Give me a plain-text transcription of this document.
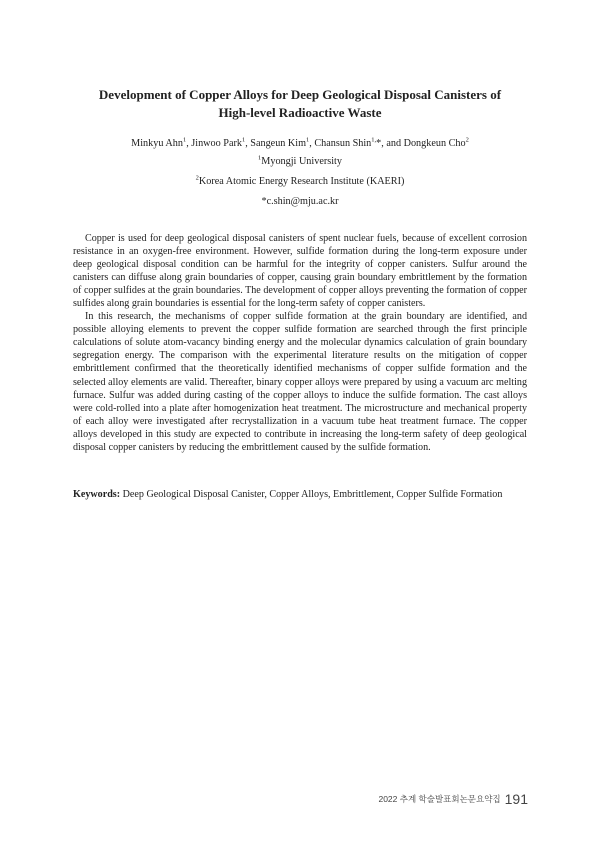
Development of Copper Alloys for Deep Geological Disposal Canisters of
High-level Radioactive Waste
Minkyu Ahn$^1$, Jinwoo Park$^1$, Sangeun Kim$^1$, Chansun Shin$^{1,}$*, and Dongkeun Cho$^2$
$^1$Myongji University
$^2$Korea Atomic Energy Research Institute (KAERI)
*c.shin@mju.ac.kr

Copper is used for deep geological disposal canisters of spent nuclear fuels, because of excellent corrosion resistance in an oxygen-free environment. However, sulfide formation during the long-term exposure under deep geological disposal condition can be harmful for the integrity of copper canisters. Sulfur around the canisters can diffuse along grain boundaries of copper, causing grain boundary embrittlement by the formation of copper sulfides at the grain boundaries. The development of copper alloys preventing the formation of copper sulfides along grain boundaries is essential for the long-term safety of copper canisters.

In this research, the mechanisms of copper sulfide formation at the grain boundary are identified, and possible alloying elements to prevent the copper sulfide formation are searched through the first principle calculations of solute atom-vacancy binding energy and the molecular dynamics calculation of grain boundary segregation energy. The comparison with the experimental literature results on the mitigation of copper embrittlement confirmed that the theoretically identified mechanisms of copper sulfide formation and the selected alloy elements are valid. Thereafter, binary copper alloys were prepared by using a vacuum arc melting furnace. Sulfur was added during casting of the copper alloys to induce the sulfide formation. The cast alloys were cold-rolled into a plate after homogenization heat treatment. The microstructure and mechanical property of each alloy were investigated after recrystallization in a vacuum tube heat treatment furnace. The copper alloys developed in this study are expected to contribute in increasing the long-term safety of deep geological disposal copper canisters by reducing the embrittlement caused by the sulfide formation.

Keywords: Deep Geological Disposal Canister, Copper Alloys, Embrittlement, Copper Sulfide Formation
2022 추계 학술발표회논문요약집 191
